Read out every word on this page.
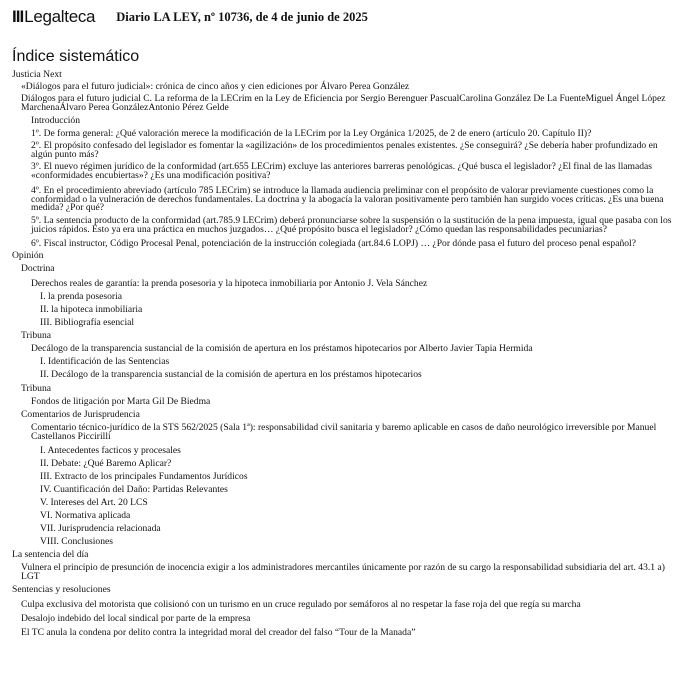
IIILegalteca Diario LA LEY, nº 10736, de 4 de junio de 2025
Índice sistemático
Justicia Next
«Diálogos para el futuro judicial»: crónica de cinco años y cien ediciones por Álvaro Perea González
Diálogos para el futuro judicial C. La reforma de la LECrim en la Ley de Eficiencia por Sergio Berenguer PascualCarolina González De La FuenteMiguel Ángel López MarchenaÁlvaro Perea GonzálezAntonio Pérez Gelde
Introducción
1º. De forma general: ¿Qué valoración merece la modificación de la LECrim por la Ley Orgánica 1/2025, de 2 de enero (artículo 20. Capítulo II)?
2º. El propósito confesado del legislador es fomentar la «agilización» de los procedimientos penales existentes. ¿Se conseguirá? ¿Se debería haber profundizado en algún punto más?
3º. El nuevo régimen jurídico de la conformidad (art.655 LECrim) excluye las anteriores barreras penológicas. ¿Qué busca el legislador? ¿El final de las llamadas «conformidades encubiertas»? ¿Es una modificación positiva?
4º. En el procedimiento abreviado (artículo 785 LECrim) se introduce la llamada audiencia preliminar con el propósito de valorar previamente cuestiones como la conformidad o la vulneración de derechos fundamentales. La doctrina y la abogacía la valoran positivamente pero también han surgido voces críticas. ¿Es una buena medida? ¿Por qué?
5º. La sentencia producto de la conformidad (art.785.9 LECrim) deberá pronunciarse sobre la suspensión o la sustitución de la pena impuesta, igual que pasaba con los juicios rápidos. Esto ya era una práctica en muchos juzgados… ¿Qué propósito busca el legislador? ¿Cómo quedan las responsabilidades pecuniarias?
6º. Fiscal instructor, Código Procesal Penal, potenciación de la instrucción colegiada (art.84.6 LOPJ) … ¿Por dónde pasa el futuro del proceso penal español?
Opinión
Doctrina
Derechos reales de garantía: la prenda posesoria y la hipoteca inmobiliaria por Antonio J. Vela Sánchez
I. la prenda posesoria
II. la hipoteca inmobiliaria
III. Bibliografía esencial
Tribuna
Decálogo de la transparencia sustancial de la comisión de apertura en los préstamos hipotecarios por Alberto Javier Tapia Hermida
I. Identificación de las Sentencias
II. Decálogo de la transparencia sustancial de la comisión de apertura en los préstamos hipotecarios
Tribuna
Fondos de litigación por Marta Gil De Biedma
Comentarios de Jurisprudencia
Comentario técnico-jurídico de la STS 562/2025 (Sala 1ª): responsabilidad civil sanitaria y baremo aplicable en casos de daño neurológico irreversible por Manuel Castellanos Piccirilli
I. Antecedentes facticos y procesales
II. Debate: ¿Qué Baremo Aplicar?
III. Extracto de los principales Fundamentos Jurídicos
IV. Cuantificación del Daño: Partidas Relevantes
V. Intereses del Art. 20 LCS
VI. Normativa aplicada
VII. Jurisprudencia relacionada
VIII. Conclusiones
La sentencia del día
Vulnera el principio de presunción de inocencia exigir a los administradores mercantiles únicamente por razón de su cargo la responsabilidad subsidiaria del art. 43.1 a) LGT
Sentencias y resoluciones
Culpa exclusiva del motorista que colisionó con un turismo en un cruce regulado por semáforos al no respetar la fase roja del que regía su marcha
Desalojo indebido del local sindical por parte de la empresa
El TC anula la condena por delito contra la integridad moral del creador del falso “Tour de la Manada”
